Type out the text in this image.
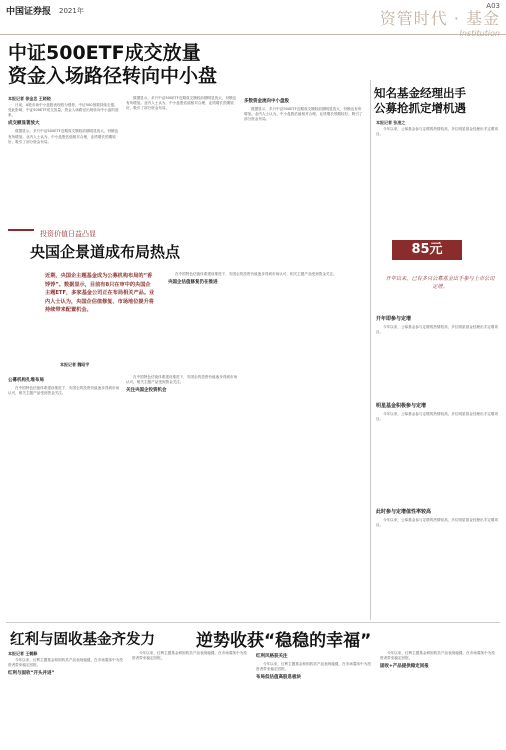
中国证券报 2021年	资管时代 · 基金
Institution
A03
中证500ETF成交放量
资金入场路径转向中小盘
本报记者 徐金忠 王晓晓

日前，A股市场中小盘股表现较为强势，中证500指数持续走强。受此影响，中证500ETF成交放量，资金入场路径出现转向中小盘的迹象。

成交额显著放大

数据显示，多只中证500ETF近期成交额较前期明显放大，份额也有所增加。业内人士认为，中小盘股估值相对合理，业绩增长预期较好，吸引了部分资金布局。

数据显示，多只中证500ETF近期成交额较前期明显放大，份额也有所增加。业内人士认为，中小盘股估值相对合理，业绩增长预期较好，吸引了部分资金布局。

多数资金流向中小盘股

数据显示，多只中证500ETF近期成交额较前期明显放大，份额也有所增加。业内人士认为，中小盘股估值相对合理，业绩增长预期较好，吸引了部分资金布局。

知名基金经理出手
公募抢抓定增机遇
本报记者 张凌之

今年以来，公募基金参与定增的热情较高，多位明星基金经理出手定增项目。

85元
开年以来，已有多只公募基金出手参与上市公司定增。
开年即参与定增

今年以来，公募基金参与定增的热情较高，多位明星基金经理出手定增项目。

明星基金积极参与定增

今年以来，公募基金参与定增的热情较高，多位明星基金经理出手定增项目。

此时参与定增值性率较高

今年以来，公募基金参与定增的热情较高，多位明星基金经理出手定增项目。

投资价值日益凸显
央国企景道成布局热点
近期，央国企主题基金成为公募机构布局的“香饽饽”。数据显示，目前有8只在审中的央国企主题ETF，多家基金公司正在布局相关产品。业内人士认为，央国企估值修复、市场地位提升将持续带来配置机会。
本报记者 魏昭宇
公募机构扎堆布局

在中国特色估值体系建设推进下，央国企的投资价值逐步得到市场认可，相关主题产品受到资金关注。

在中国特色估值体系建设推进下，央国企的投资价值逐步得到市场认可，相关主题产品受到资金关注。

关注央国企投资机会

在中国特色估值体系建设推进下，央国企的投资价值逐步得到市场认可，相关主题产品受到资金关注。

央国企估值修复仍在推进
红利与固收基金齐发力 逆势收获“稳稳的幸福”
本报记者 王鹤静

今年以来，红利主题基金和固收类产品表现稳健，在市场震荡中为投资者带来稳定回报。

红利与固收“开头并进”

今年以来，红利主题基金和固收类产品表现稳健，在市场震荡中为投资者带来稳定回报。	红利风格获关注

今年以来，红利主题基金和固收类产品表现稳健，在市场震荡中为投资者带来稳定回报。

布局低估值高股息板块

今年以来，红利主题基金和固收类产品表现稳健，在市场震荡中为投资者带来稳定回报。

固收+产品提供稳定回报
